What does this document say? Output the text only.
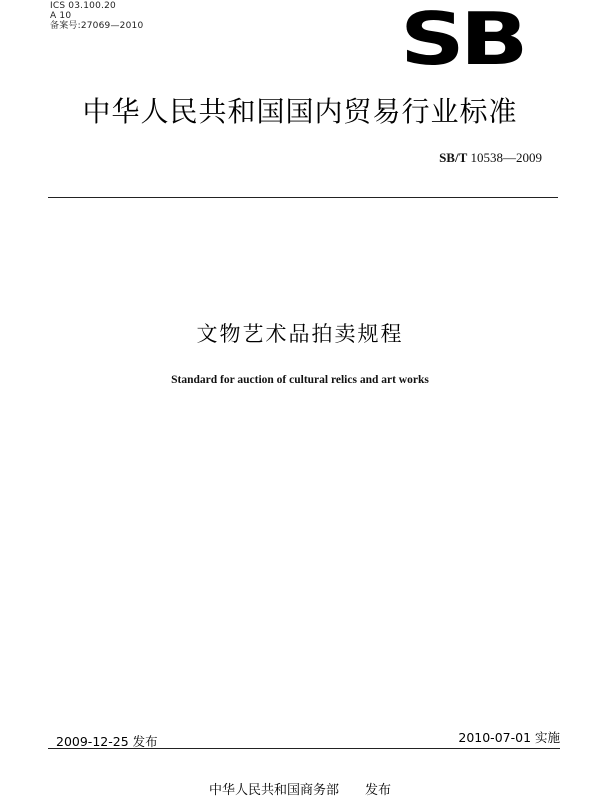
ICS 03.100.20
A 10
备案号:27069—2010	SB
中华人民共和国国内贸易行业标准
SB/T 10538—2009
文物艺术品拍卖规程
Standard for auction of cultural relics and art works
2009-12-25 发布	2010-07-01 实施
中华人民共和国商务部 发布
